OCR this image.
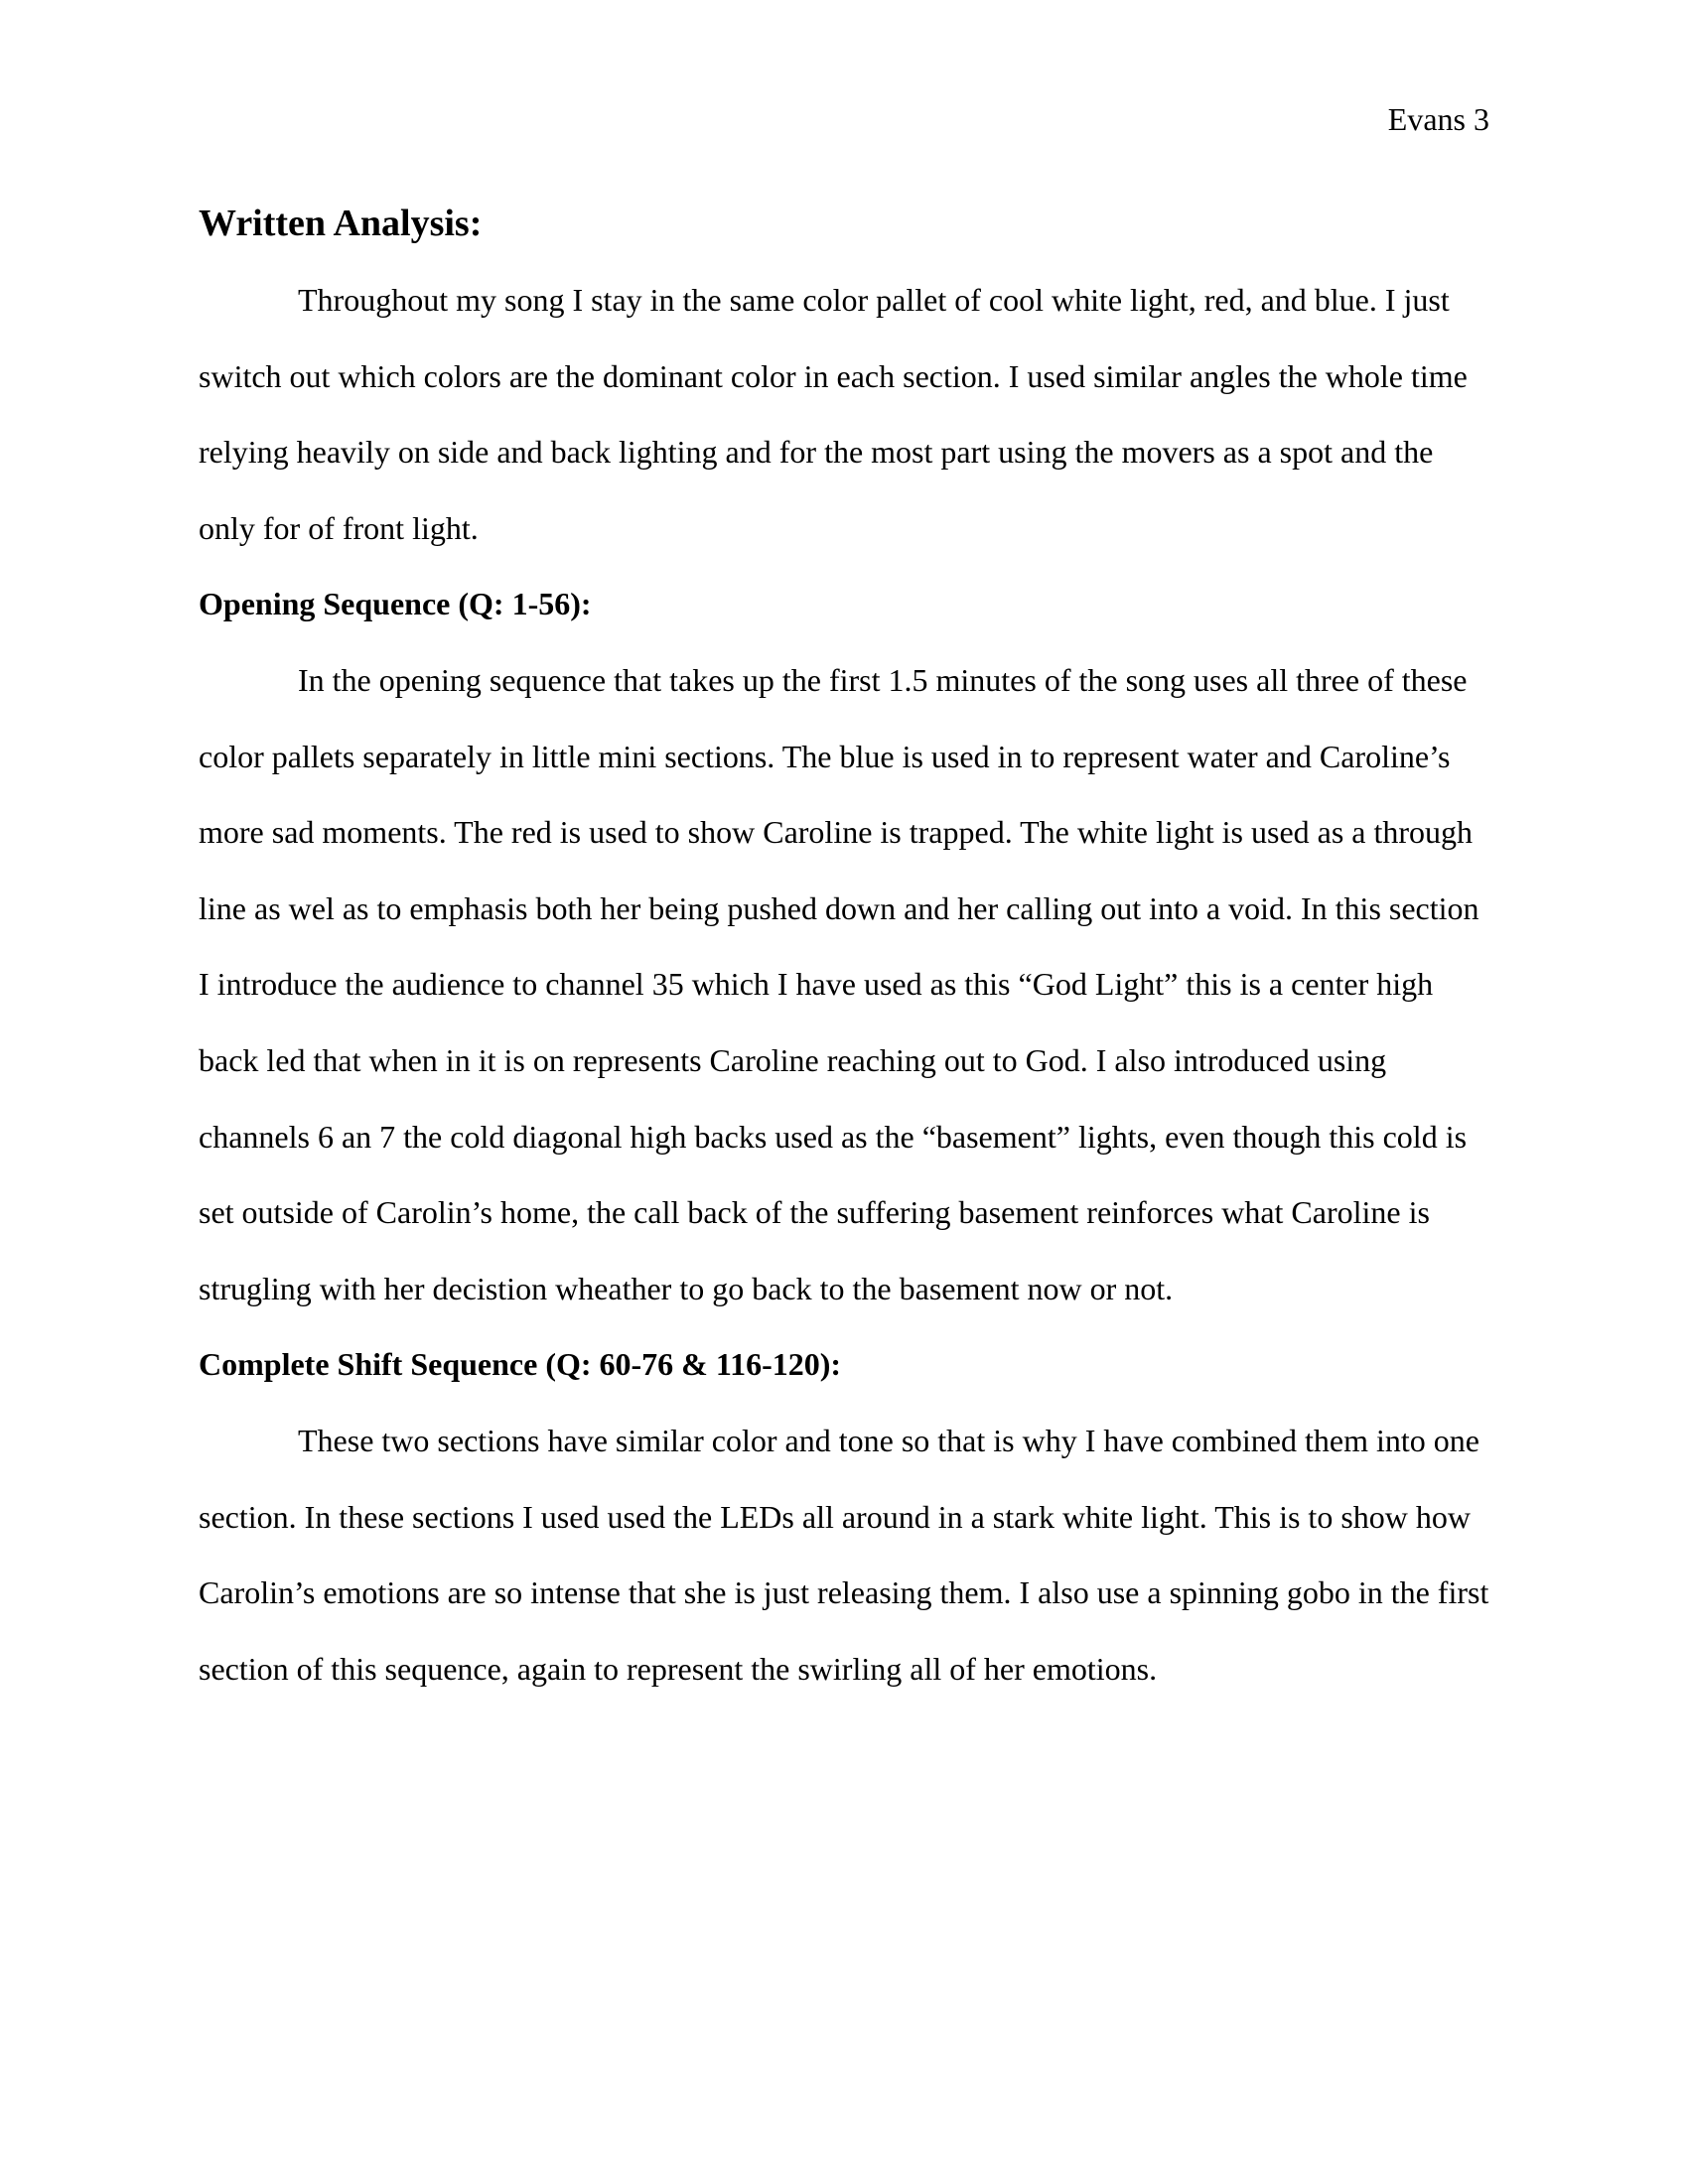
Evans 3
Written Analysis:

Throughout my song I stay in the same color pallet of cool white light, red, and blue. I just switch out which colors are the dominant color in each section. I used similar angles the whole time relying heavily on side and back lighting and for the most part using the movers as a spot and the only for of front light.

Opening Sequence (Q: 1-56):

In the opening sequence that takes up the first 1.5 minutes of the song uses all three of these color pallets separately in little mini sections. The blue is used in to represent water and Caroline’s more sad moments. The red is used to show Caroline is trapped. The white light is used as a through line as wel as to emphasis both her being pushed down and her calling out into a void. In this section I introduce the audience to channel 35 which I have used as this “God Light” this is a center high back led that when in it is on represents Caroline reaching out to God. I also introduced using channels 6 an 7 the cold diagonal high backs used as the “basement” lights, even though this cold is set outside of Carolin’s home, the call back of the suffering basement reinforces what Caroline is strugling with her decistion wheather to go back to the basement now or not.

Complete Shift Sequence (Q: 60-76 & 116-120):

These two sections have similar color and tone so that is why I have combined them into one section. In these sections I used used the LEDs all around in a stark white light. This is to show how Carolin’s emotions are so intense that she is just releasing them. I also use a spinning gobo in the first section of this sequence, again to represent the swirling all of her emotions.
